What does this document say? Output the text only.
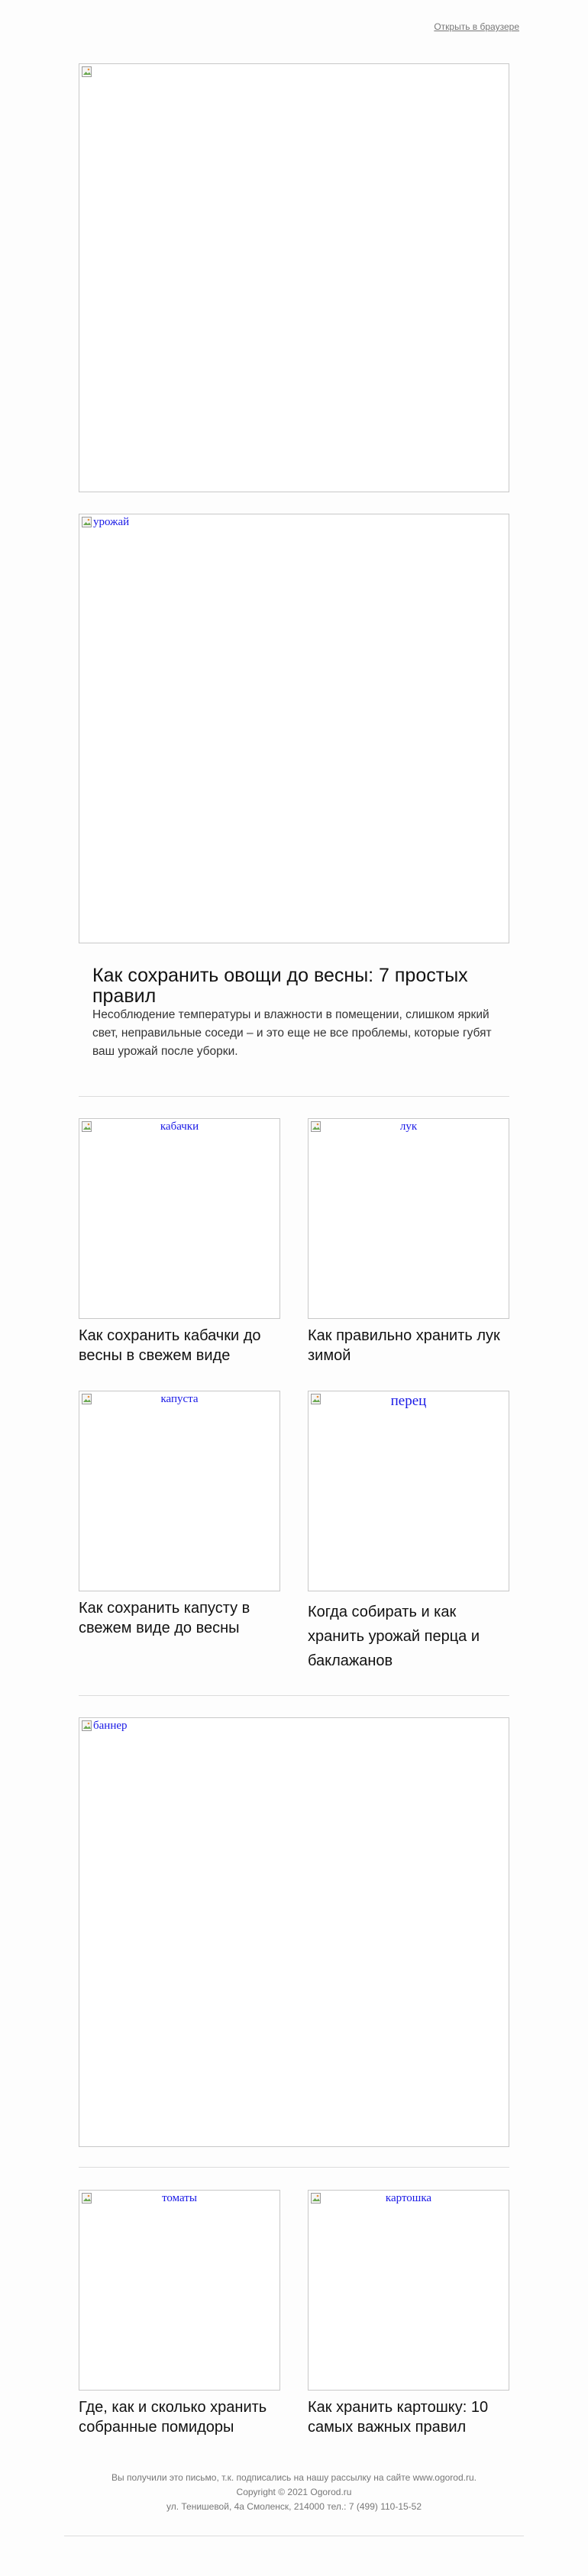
Открыть в браузере
урожай
Как сохранить овощи до весны: 7 простых правил
Несоблюдение температуры и влажности в помещении, слишком яркий свет, неправильные соседи – и это еще не все проблемы, которые губят ваш урожай после уборки.
кабачки
Как сохранить кабачки до весны в свежем виде
лук
Как правильно хранить лук зимой
капуста
Как сохранить капусту в свежем виде до весны
перец
Когда собирать и как хранить урожай перца и баклажанов
баннер
томаты
Где, как и сколько хранить собранные помидоры
картошка
Как хранить картошку: 10 самых важных правил
Вы получили это письмо, т.к. подписались на нашу рассылку на сайте www.ogorod.ru.
Copyright © 2021 Ogorod.ru
ул. Тенишевой, 4а Смоленск, 214000 тел.: 7 (499) 110-15-52
